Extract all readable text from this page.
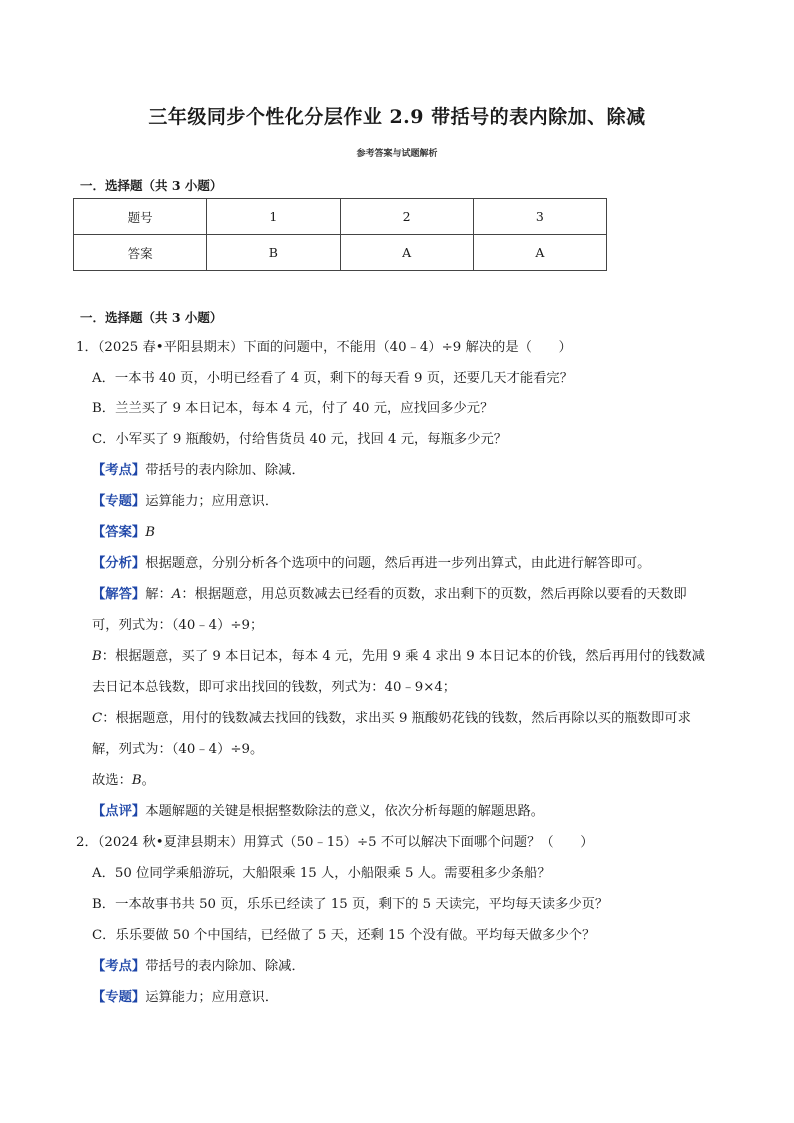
三年级同步个性化分层作业 2.9 带括号的表内除加、除减
参考答案与试题解析
一．选择题（共 3 小题）
题号	1	2	3
答案	B	A	A
一．选择题（共 3 小题）
1．（2025 春•平阳县期末）下面的问题中，不能用（40﹣4）÷9 解决的是（　　）
A．一本书 40 页，小明已经看了 4 页，剩下的每天看 9 页，还要几天才能看完？
B．兰兰买了 9 本日记本，每本 4 元，付了 40 元，应找回多少元？
C．小军买了 9 瓶酸奶，付给售货员 40 元，找回 4 元，每瓶多少元？
【考点】带括号的表内除加、除减．
【专题】运算能力；应用意识．
【答案】B
【分析】根据题意，分别分析各个选项中的问题，然后再进一步列出算式，由此进行解答即可。
【解答】解：A：根据题意，用总页数减去已经看的页数，求出剩下的页数，然后再除以要看的天数即
可，列式为：（40﹣4）÷9；
B：根据题意，买了 9 本日记本，每本 4 元，先用 9 乘 4 求出 9 本日记本的价钱，然后再用付的钱数减
去日记本总钱数，即可求出找回的钱数，列式为：40﹣9×4；
C：根据题意，用付的钱数减去找回的钱数，求出买 9 瓶酸奶花钱的钱数，然后再除以买的瓶数即可求
解，列式为：（40﹣4）÷9。
故选：B。
【点评】本题解题的关键是根据整数除法的意义，依次分析每题的解题思路。
2．（2024 秋•夏津县期末）用算式（50﹣15）÷5 不可以解决下面哪个问题？（　　）
A．50 位同学乘船游玩，大船限乘 15 人，小船限乘 5 人。需要租多少条船？
B．一本故事书共 50 页，乐乐已经读了 15 页，剩下的 5 天读完，平均每天读多少页？
C．乐乐要做 50 个中国结，已经做了 5 天，还剩 15 个没有做。平均每天做多少个？
【考点】带括号的表内除加、除减．
【专题】运算能力；应用意识．
